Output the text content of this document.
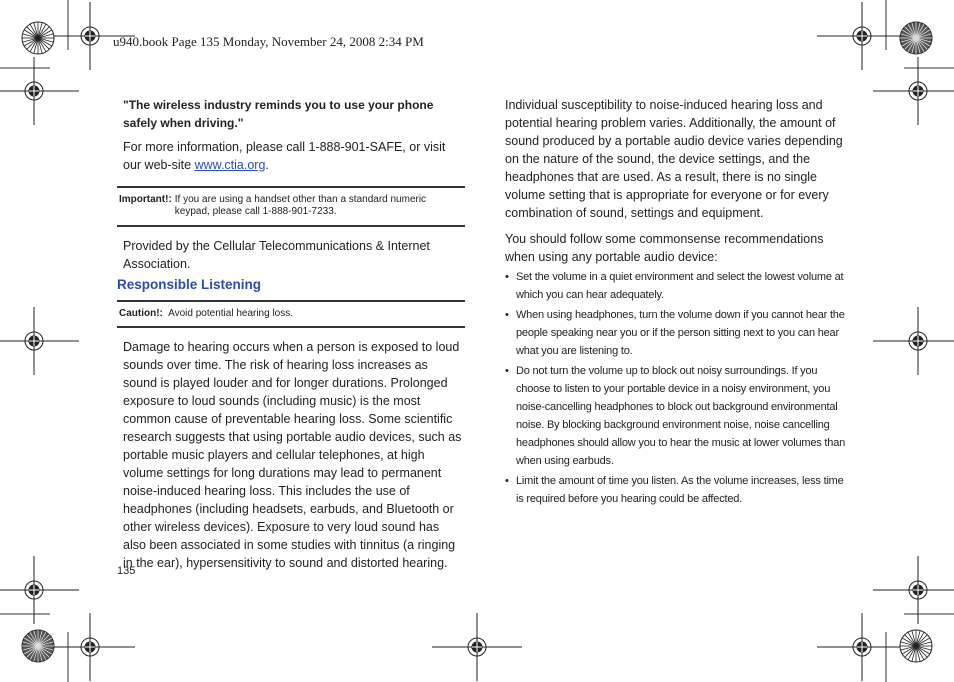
u940.book Page 135 Monday, November 24, 2008 2:34 PM

"The wireless industry reminds you to use your phone safely when driving."

For more information, please call 1-888-901-SAFE, or visit our web-site www.ctia.org.

Important!: If you are using a handset other than a standard numeric keypad, please call 1-888-901-7233.

Provided by the Cellular Telecommunications & Internet Association.

Responsible Listening
Caution!: Avoid potential hearing loss.

Damage to hearing occurs when a person is exposed to loud sounds over time. The risk of hearing loss increases as sound is played louder and for longer durations. Prolonged exposure to loud sounds (including music) is the most common cause of preventable hearing loss. Some scientific research suggests that using portable audio devices, such as portable music players and cellular telephones, at high volume settings for long durations may lead to permanent noise-induced hearing loss. This includes the use of headphones (including headsets, earbuds, and Bluetooth or other wireless devices). Exposure to very loud sound has also been associated in some studies with tinnitus (a ringing in the ear), hypersensitivity to sound and distorted hearing.

135

Individual susceptibility to noise-induced hearing loss and potential hearing problem varies. Additionally, the amount of sound produced by a portable audio device varies depending on the nature of the sound, the device settings, and the headphones that are used. As a result, there is no single volume setting that is appropriate for everyone or for every combination of sound, settings and equipment.

You should follow some commonsense recommendations when using any portable audio device:

• Set the volume in a quiet environment and select the lowest volume at which you can hear adequately.
• When using headphones, turn the volume down if you cannot hear the people speaking near you or if the person sitting next to you can hear what you are listening to.
• Do not turn the volume up to block out noisy surroundings. If you choose to listen to your portable device in a noisy environment, you noise-cancelling headphones to block out background environmental noise. By blocking background environment noise, noise cancelling headphones should allow you to hear the music at lower volumes than when using earbuds.
• Limit the amount of time you listen. As the volume increases, less time is required before you hearing could be affected.
